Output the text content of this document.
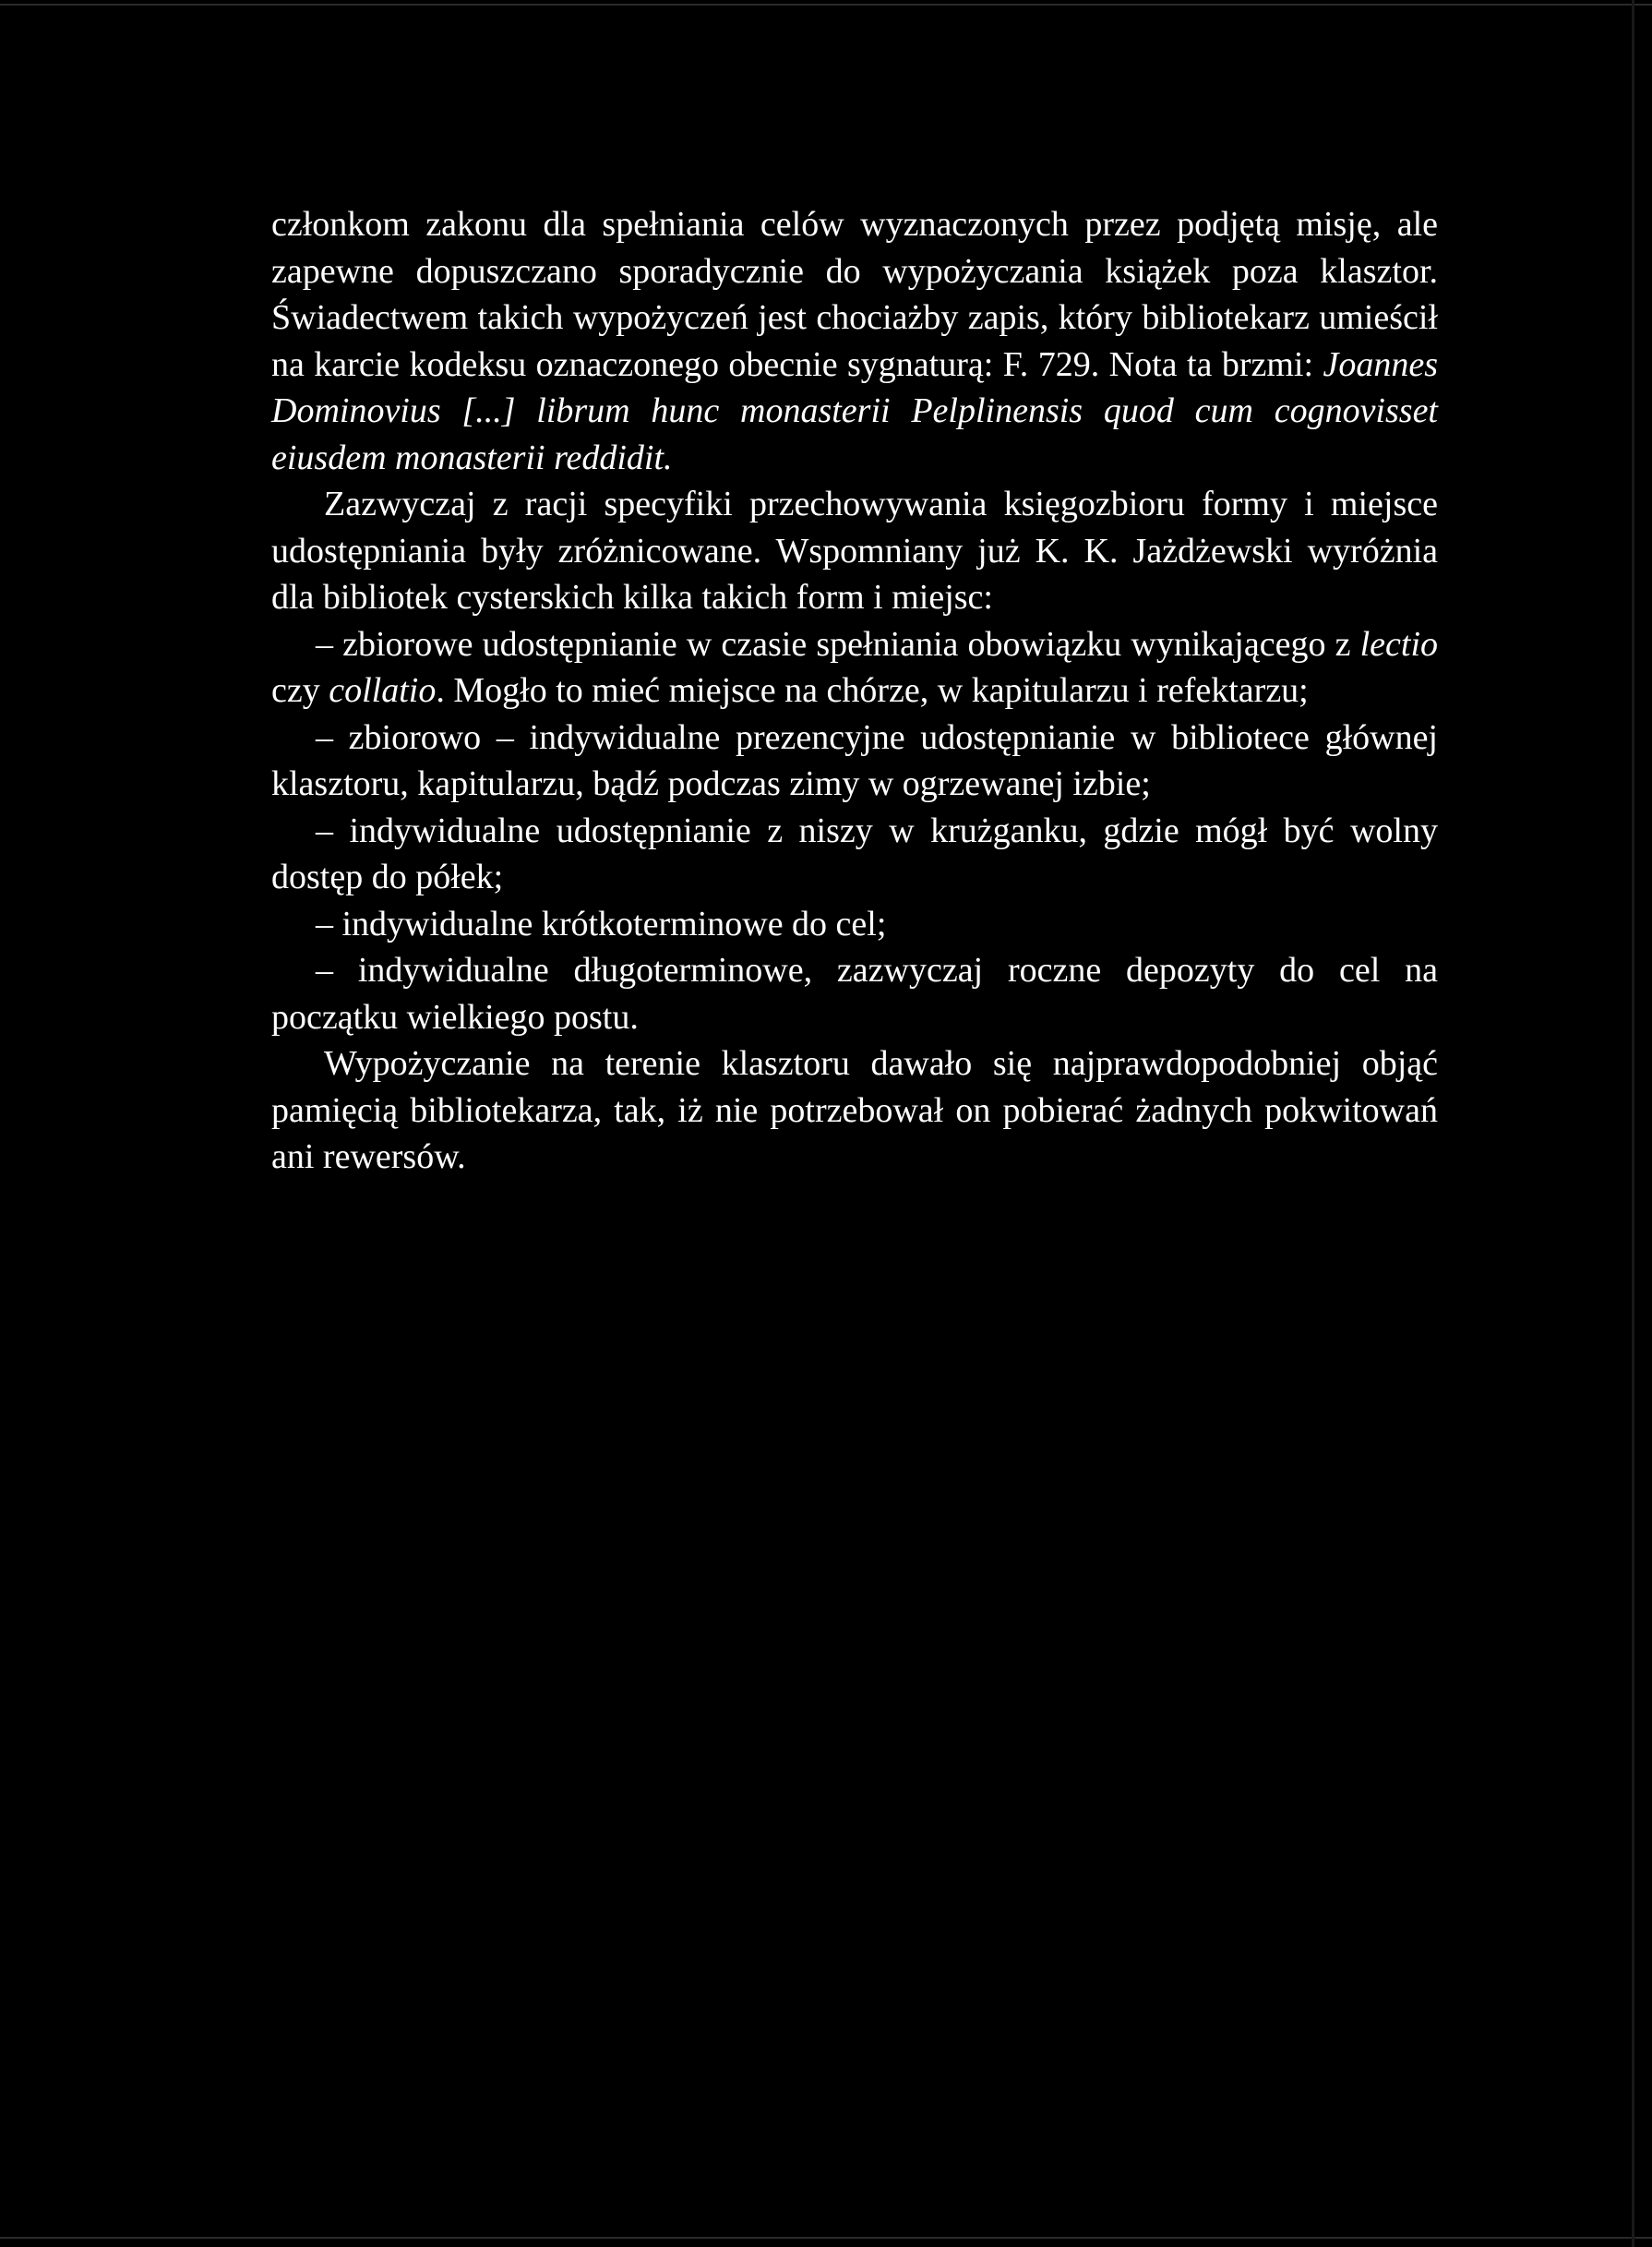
członkom zakonu dla spełniania celów wyznaczonych przez podjętą misję, ale zapewne dopuszczano sporadycznie do wypożyczania książek poza klasztor. Świadectwem takich wypożyczeń jest chociażby zapis, który bibliotekarz umieścił na karcie kodeksu oznaczonego obecnie sygnaturą: F. 729. Nota ta brzmi: Joannes Dominovius [...] librum hunc monasterii Pelplinensis quod cum cognovisset eiusdem monasterii reddidit.

Zazwyczaj z racji specyfiki przechowywania księgozbioru formy i miejsce udostępniania były zróżnicowane. Wspomniany już K. K. Jażdżewski wyróżnia dla bibliotek cysterskich kilka takich form i miejsc:

– zbiorowe udostępnianie w czasie spełniania obowiązku wynikającego z lectio czy collatio. Mogło to mieć miejsce na chórze, w kapitularzu i refektarzu;

– zbiorowo – indywidualne prezencyjne udostępnianie w bibliotece głównej klasztoru, kapitularzu, bądź podczas zimy w ogrzewanej izbie;

– indywidualne udostępnianie z niszy w krużganku, gdzie mógł być wolny dostęp do półek;

– indywidualne krótkoterminowe do cel;

– indywidualne długoterminowe, zazwyczaj roczne depozyty do cel na początku wielkiego postu.

Wypożyczanie na terenie klasztoru dawało się najprawdopodobniej objąć pamięcią bibliotekarza, tak, iż nie potrzebował on pobierać żadnych pokwitowań ani rewersów.
